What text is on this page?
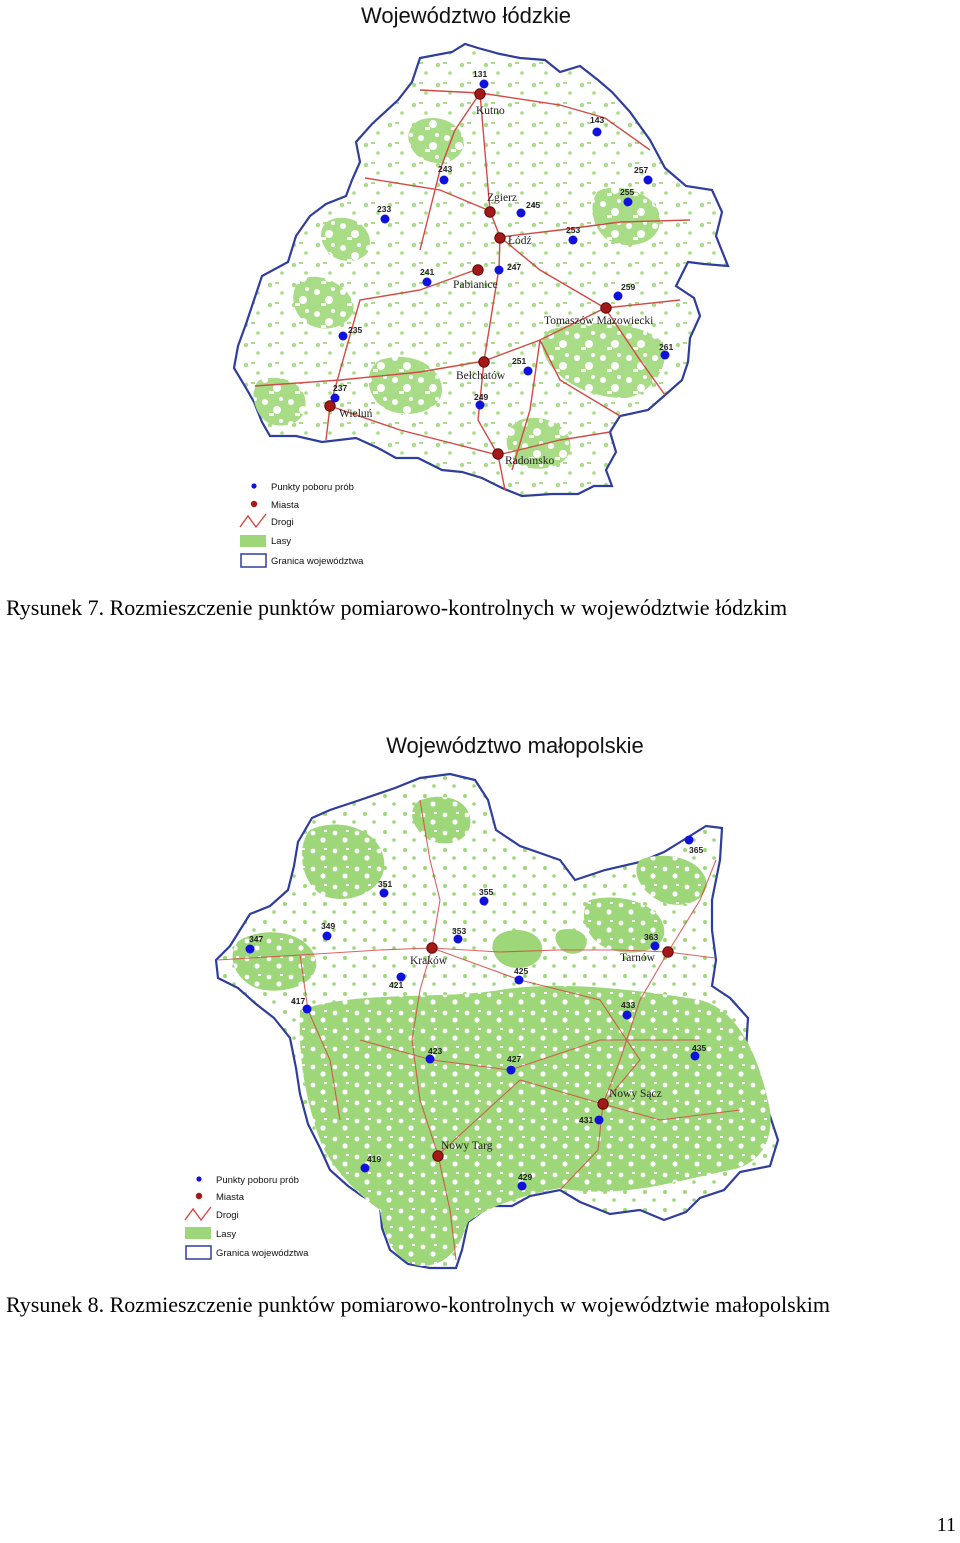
Województwo łódzkie
131
143
257
255
243
245
233
253
241	247
259
235
261
251
237
249
Kutno
Zgierz
Łódź
Pabianice
Tomaszów Mazowiecki
Bełchatów
Wieluń
Radomsko
Punkty poboru prób
Miasta
Drogi
Lasy
Granica województwa
Rysunek 7. Rozmieszczenie punktów pomiarowo-kontrolnych w województwie łódzkim
Województwo małopolskie
365
351
355
349	353
363
347
421
425
417	433
423
427
435
431
419
429
Kraków	Tarnów
Nowy Sącz
Nowy Targ
Punkty poboru prób
Miasta
Drogi
Lasy
Granica województwa
Rysunek 8. Rozmieszczenie punktów pomiarowo-kontrolnych w województwie małopolskim
11
